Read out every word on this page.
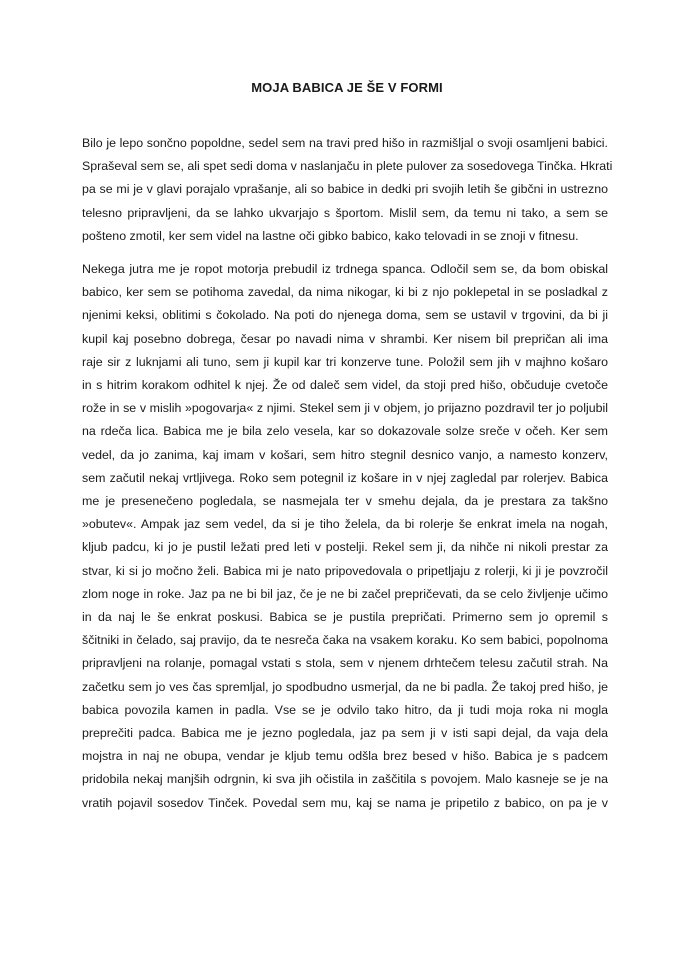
MOJA BABICA JE ŠE V FORMI
Bilo je lepo sončno popoldne, sedel sem na travi pred hišo in razmišljal o svoji osamljeni babici.
Spraševal sem se, ali spet sedi doma v naslanjaču in plete pulover za sosedovega Tinčka. Hkrati
pa se mi je v glavi porajalo vprašanje, ali so babice in dedki pri svojih letih še gibčni in ustrezno
telesno pripravljeni, da se lahko ukvarjajo s športom. Mislil sem, da temu ni tako, a sem se
pošteno zmotil, ker sem videl na lastne oči gibko babico, kako telovadi in se znoji v fitnesu.
Nekega jutra me je ropot motorja prebudil iz trdnega spanca. Odločil sem se, da bom obiskal
babico, ker sem se potihoma zavedal, da nima nikogar, ki bi z njo poklepetal in se posladkal z
njenimi keksi, oblitimi s čokolado. Na poti do njenega doma, sem se ustavil v trgovini, da bi ji
kupil kaj posebno dobrega, česar po navadi nima v shrambi. Ker nisem bil prepričan ali ima
raje sir z luknjami ali tuno, sem ji kupil kar tri konzerve tune. Položil sem jih v majhno košaro
in s hitrim korakom odhitel k njej. Že od daleč sem videl, da stoji pred hišo, občuduje cvetoče
rože in se v mislih »pogovarja« z njimi. Stekel sem ji v objem, jo prijazno pozdravil ter jo poljubil
na rdeča lica. Babica me je bila zelo vesela, kar so dokazovale solze sreče v očeh. Ker sem
vedel, da jo zanima, kaj imam v košari, sem hitro stegnil desnico vanjo, a namesto konzerv,
sem začutil nekaj vrtljivega. Roko sem potegnil iz košare in v njej zagledal par rolerjev. Babica
me je presenečeno pogledala, se nasmejala ter v smehu dejala, da je prestara za takšno
»obutev«. Ampak jaz sem vedel, da si je tiho želela, da bi rolerje še enkrat imela na nogah,
kljub padcu, ki jo je pustil ležati pred leti v postelji. Rekel sem ji, da nihče ni nikoli prestar za
stvar, ki si jo močno želi. Babica mi je nato pripovedovala o pripetljaju z rolerji, ki ji je povzročil
zlom noge in roke. Jaz pa ne bi bil jaz, če je ne bi začel prepričevati, da se celo življenje učimo
in da naj le še enkrat poskusi. Babica se je pustila prepričati. Primerno sem jo opremil s
ščitniki in čelado, saj pravijo, da te nesreča čaka na vsakem koraku. Ko sem babici, popolnoma
pripravljeni na rolanje, pomagal vstati s stola, sem v njenem drhtečem telesu začutil strah. Na
začetku sem jo ves čas spremljal, jo spodbudno usmerjal, da ne bi padla. Že takoj pred hišo, je
babica povozila kamen in padla. Vse se je odvilo tako hitro, da ji tudi moja roka ni mogla
preprečiti padca. Babica me je jezno pogledala, jaz pa sem ji v isti sapi dejal, da vaja dela
mojstra in naj ne obupa, vendar je kljub temu odšla brez besed v hišo. Babica je s padcem
pridobila nekaj manjših odrgnin, ki sva jih očistila in zaščitila s povojem. Malo kasneje se je na
vratih pojavil sosedov Tinček. Povedal sem mu, kaj se nama je pripetilo z babico, on pa je v
